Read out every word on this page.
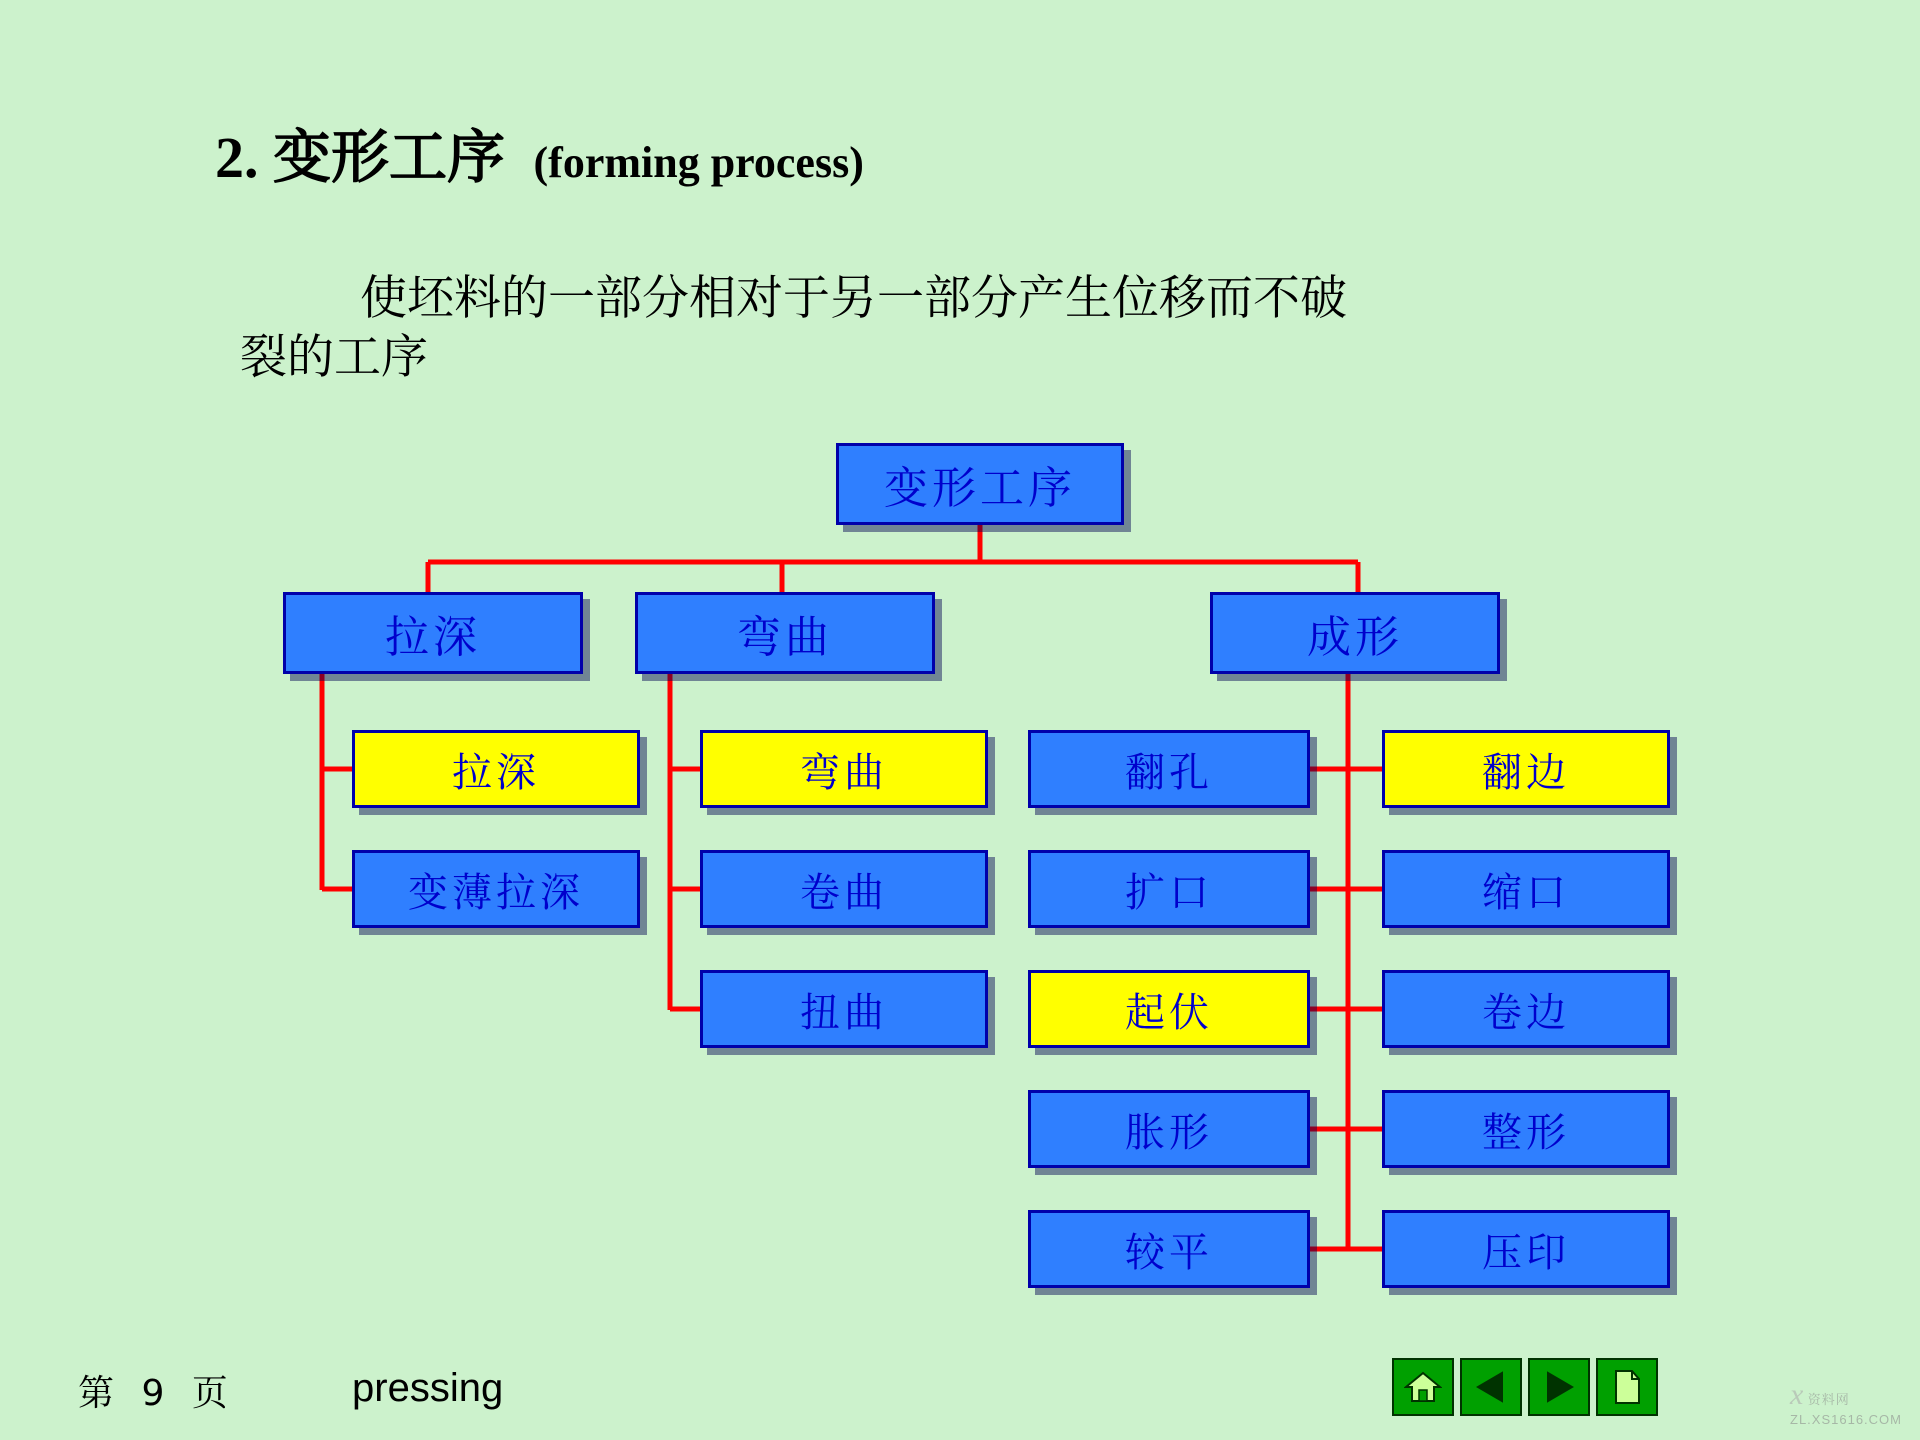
2. 变形工序 (forming process)
使坯料的一部分相对于另一部分产生位移而不破
裂的工序
变形工序
拉深	弯曲	成形
拉深
变薄拉深
弯曲
卷曲
扭曲
翻孔
扩口
起伏
胀形
较平
翻边
缩口
卷边
整形
压印
第 9 页	pressing	x 资料网
ZL.XS1616.COM
